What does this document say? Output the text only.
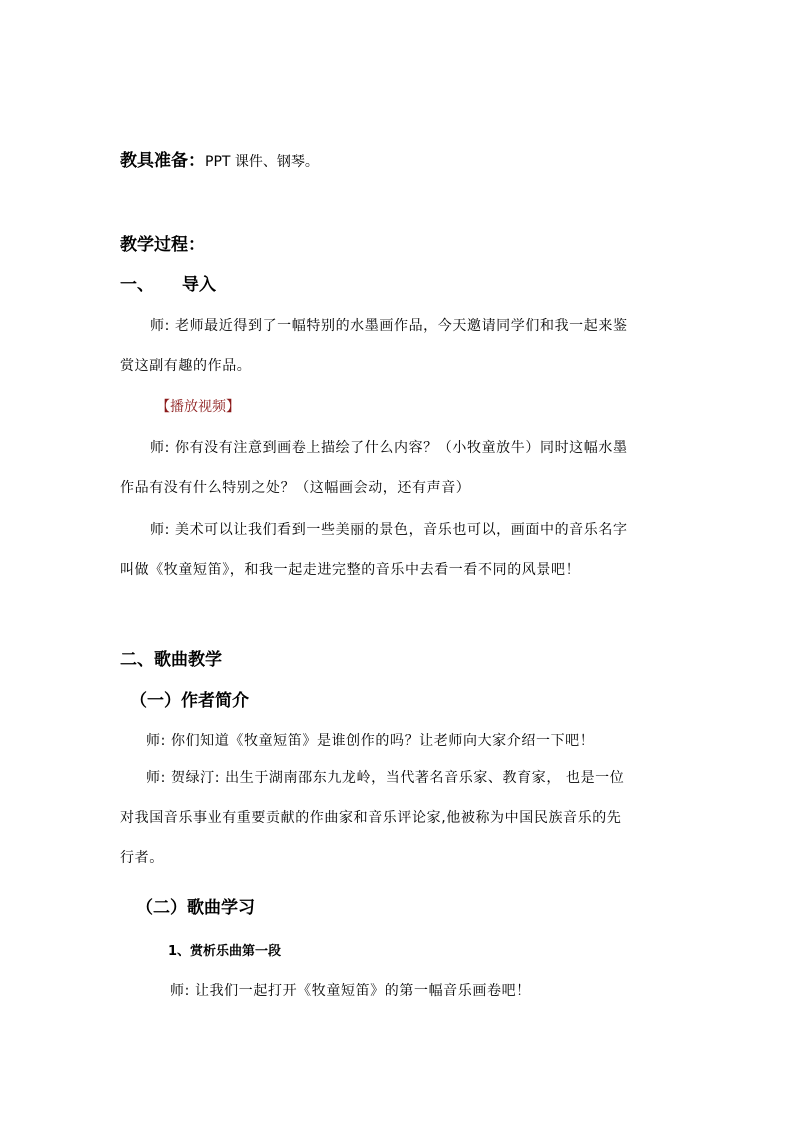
教具准备：PPT 课件、钢琴。
教学过程：
一、 导入
师: 老师最近得到了一幅特别的水墨画作品，今天邀请同学们和我一起来鉴
赏这副有趣的作品。
【播放视频】
师: 你有没有注意到画卷上描绘了什么内容？（小牧童放牛）同时这幅水墨
作品有没有什么特别之处？（这幅画会动，还有声音）
师: 美术可以让我们看到一些美丽的景色，音乐也可以，画面中的音乐名字
叫做《牧童短笛》，和我一起走进完整的音乐中去看一看不同的风景吧！
二、歌曲教学
（一）作者简介
师: 你们知道《牧童短笛》是谁创作的吗？让老师向大家介绍一下吧！
师: 贺绿汀: 出生于湖南邵东九龙岭，当代著名音乐家、教育家， 也是一位
对我国音乐事业有重要贡献的作曲家和音乐评论家,他被称为中国民族音乐的先
行者。
（二）歌曲学习
1、赏析乐曲第一段
师: 让我们一起打开《牧童短笛》的第一幅音乐画卷吧！
